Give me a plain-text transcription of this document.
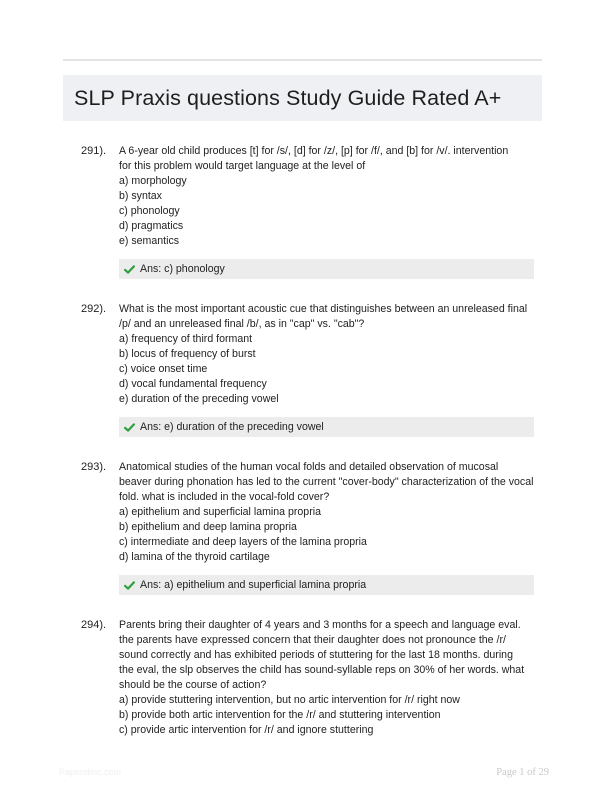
SLP Praxis questions Study Guide Rated A+
291). A 6-year old child produces [t] for /s/, [d] for /z/, [p] for /f/, and [b] for /v/. intervention

for this problem would target language at the level of

a) morphology

b) syntax

c) phonology

d) pragmatics

e) semantics

Ans: c) phonology
292). What is the most important acoustic cue that distinguishes between an unreleased final

/p/ and an unreleased final /b/, as in "cap" vs. "cab"?

a) frequency of third formant

b) locus of frequency of burst

c) voice onset time

d) vocal fundamental frequency

e) duration of the preceding vowel

Ans: e) duration of the preceding vowel
293). Anatomical studies of the human vocal folds and detailed observation of mucosal

beaver during phonation has led to the current "cover-body" characterization of the vocal

fold. what is included in the vocal-fold cover?

a) epithelium and superficial lamina propria

b) epithelium and deep lamina propria

c) intermediate and deep layers of the lamina propria

d) lamina of the thyroid cartilage

Ans: a) epithelium and superficial lamina propria
294). Parents bring their daughter of 4 years and 3 months for a speech and language eval.

the parents have expressed concern that their daughter does not pronounce the /r/

sound correctly and has exhibited periods of stuttering for the last 18 months. during

the eval, the slp observes the child has sound-syllable reps on 30% of her words. what

should be the course of action?

a) provide stuttering intervention, but no artic intervention for /r/ right now

b) provide both artic intervention for the /r/ and stuttering intervention

c) provide artic intervention for /r/ and ignore stuttering

Paperstinc.com	Page 1 of 29
